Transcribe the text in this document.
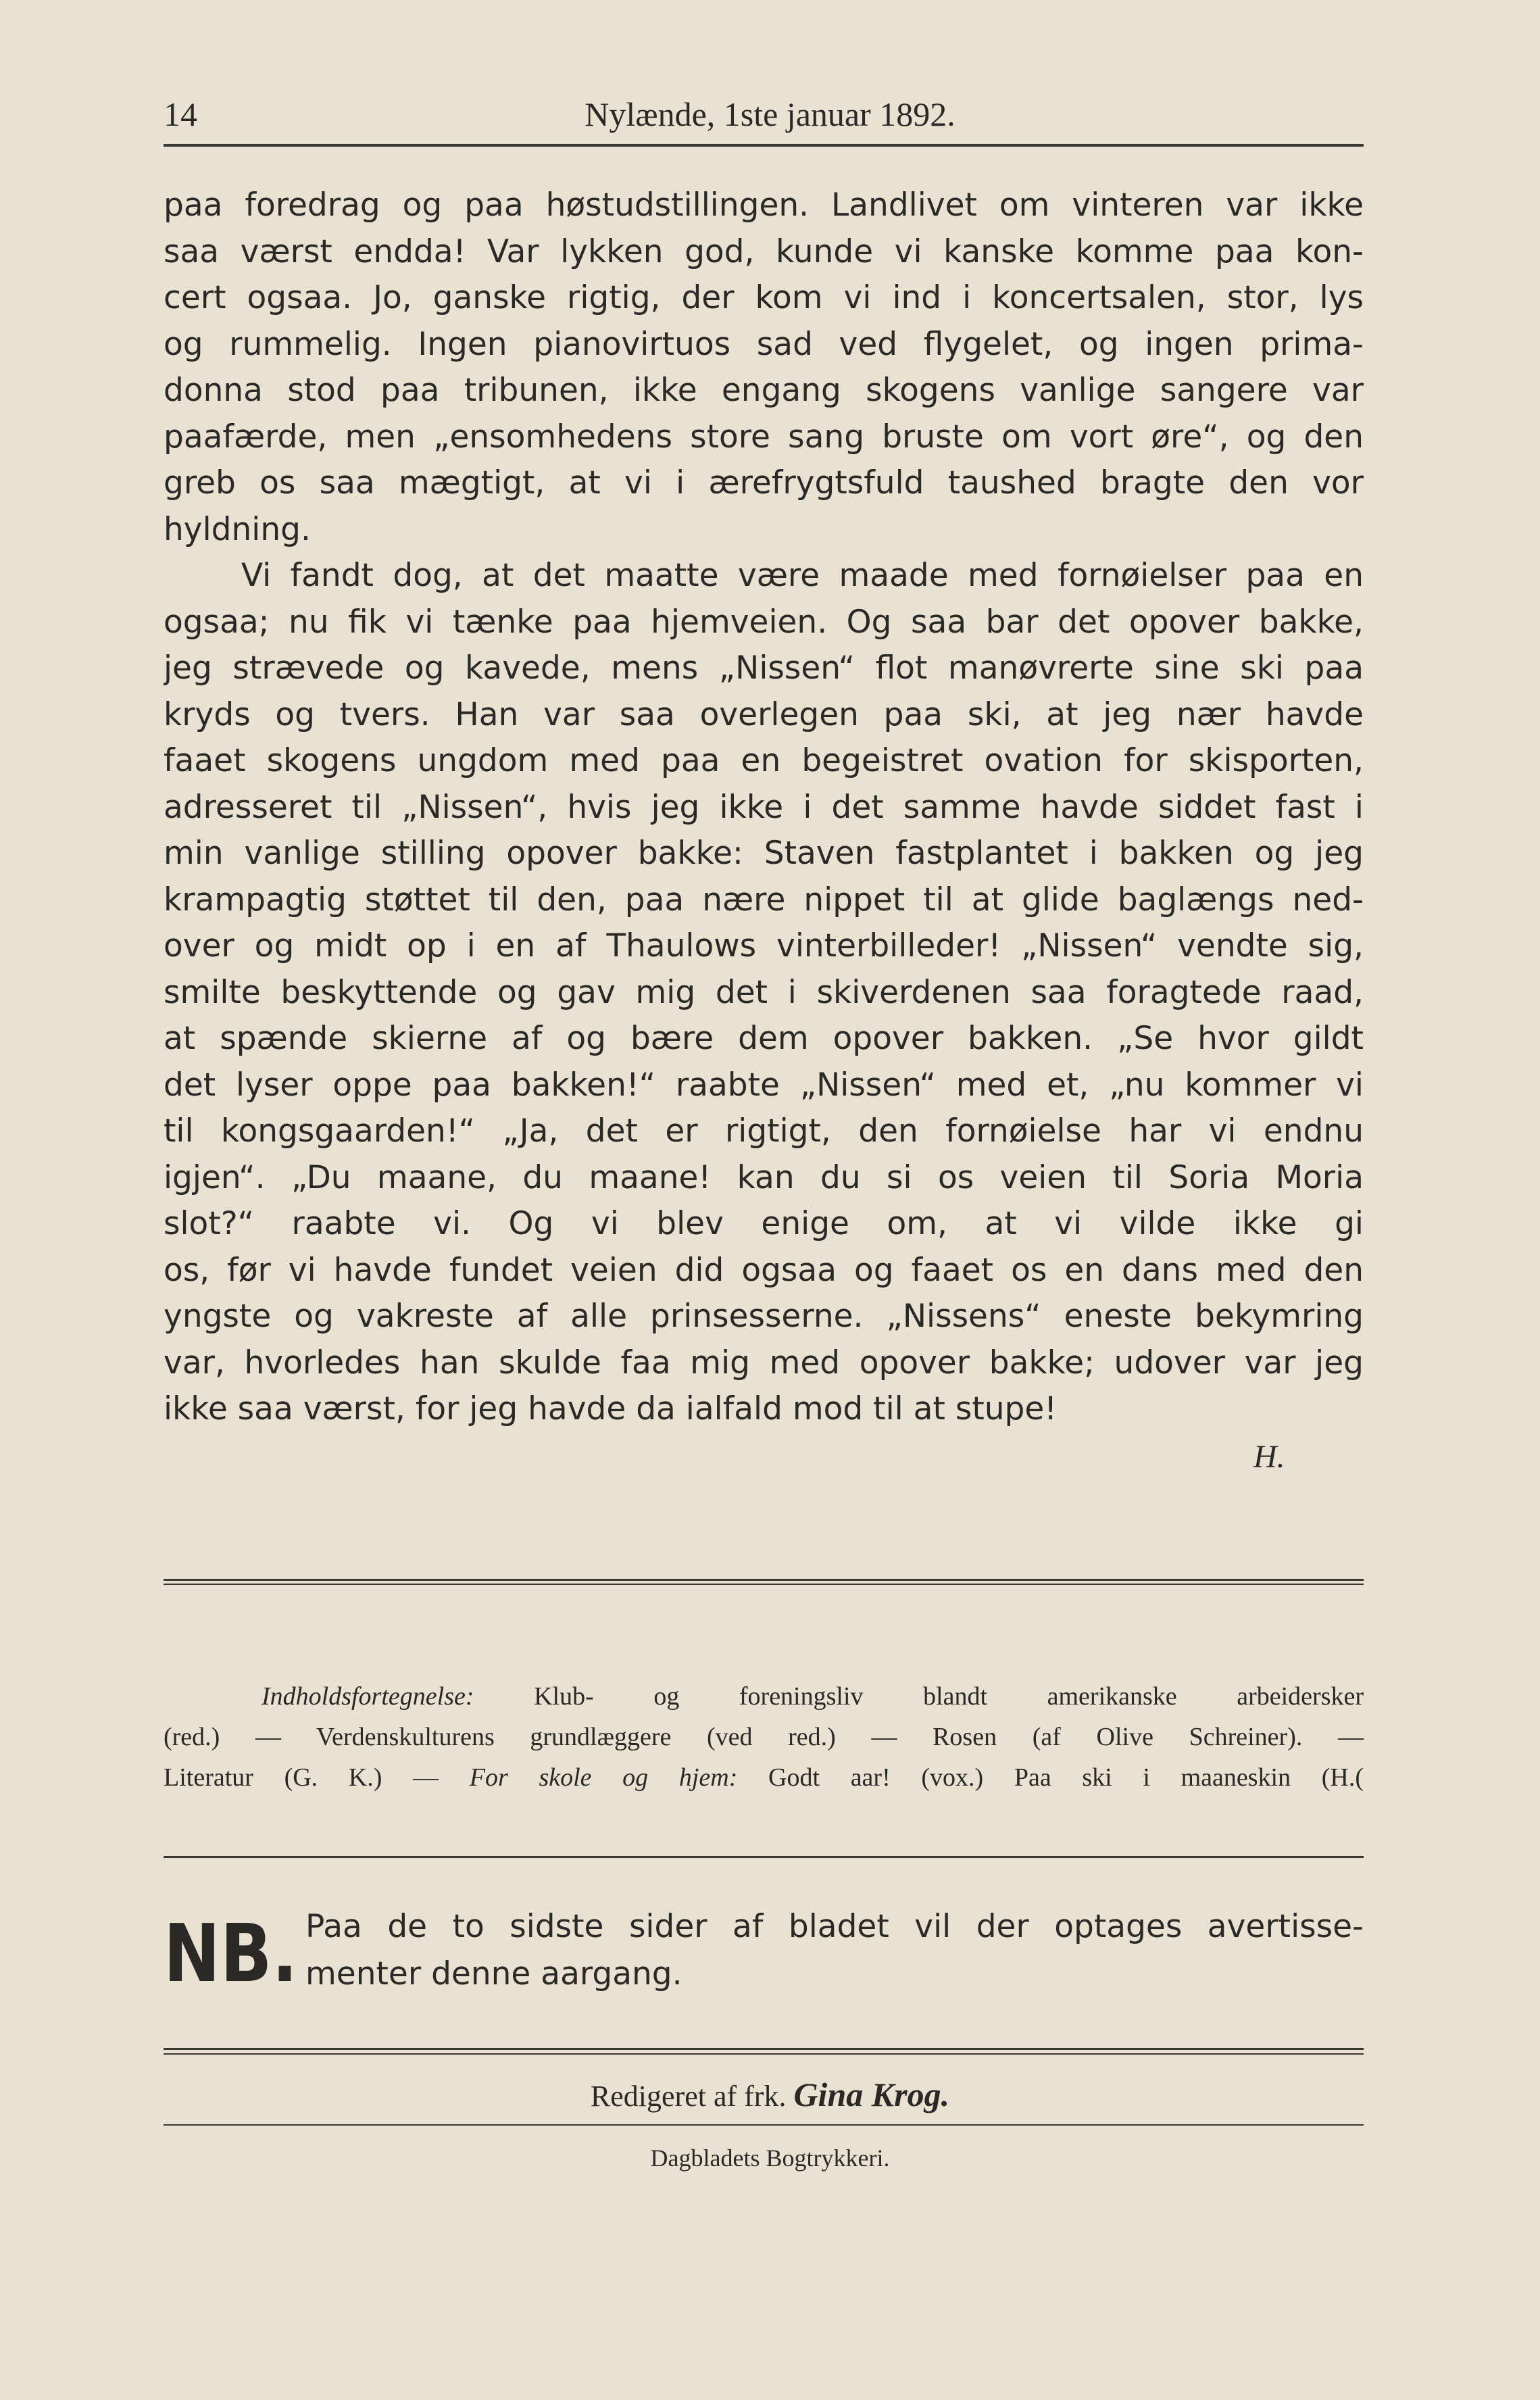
14	Nylænde, 1ste januar 1892.
paa foredrag og paa høstudstillingen. Landlivet om vinteren var ikke
saa værst endda! Var lykken god, kunde vi kanske komme paa kon-
cert ogsaa. Jo, ganske rigtig, der kom vi ind i koncertsalen, stor, lys
og rummelig. Ingen pianovirtuos sad ved flygelet, og ingen prima-
donna stod paa tribunen, ikke engang skogens vanlige sangere var
paafærde, men „ensomhedens store sang bruste om vort øre“, og den
greb os saa mægtigt, at vi i ærefrygtsfuld taushed bragte den vor
hyldning.
Vi fandt dog, at det maatte være maade med fornøielser paa en
ogsaa; nu fik vi tænke paa hjemveien. Og saa bar det opover bakke,
jeg strævede og kavede, mens „Nissen“ flot manøvrerte sine ski paa
kryds og tvers. Han var saa overlegen paa ski, at jeg nær havde
faaet skogens ungdom med paa en begeistret ovation for skisporten,
adresseret til „Nissen“, hvis jeg ikke i det samme havde siddet fast i
min vanlige stilling opover bakke: Staven fastplantet i bakken og jeg
krampagtig støttet til den, paa nære nippet til at glide baglængs ned-
over og midt op i en af Thaulows vinterbilleder! „Nissen“ vendte sig,
smilte beskyttende og gav mig det i skiverdenen saa foragtede raad,
at spænde skierne af og bære dem opover bakken. „Se hvor gildt
det lyser oppe paa bakken!“ raabte „Nissen“ med et, „nu kommer vi
til kongsgaarden!“ „Ja, det er rigtigt, den fornøielse har vi endnu
igjen“. „Du maane, du maane! kan du si os veien til Soria Moria
slot?“ raabte vi. Og vi blev enige om, at vi vilde ikke gi
os, før vi havde fundet veien did ogsaa og faaet os en dans med den
yngste og vakreste af alle prinsesserne. „Nissens“ eneste bekymring
var, hvorledes han skulde faa mig med opover bakke; udover var jeg
ikke saa værst, for jeg havde da ialfald mod til at stupe!
H.
Indholdsfortegnelse: Klub- og foreningsliv blandt amerikanske arbeidersker
(red.) — Verdenskulturens grundlæggere (ved red.) — Rosen (af Olive Schreiner). —
Literatur (G. K.) — For skole og hjem: Godt aar! (vox.) Paa ski i maaneskin (H.(
NB. Paa de to sidste sider af bladet vil der optages avertisse-
menter denne aargang.
Redigeret af frk. Gina Krog.
Dagbladets Bogtrykkeri.
